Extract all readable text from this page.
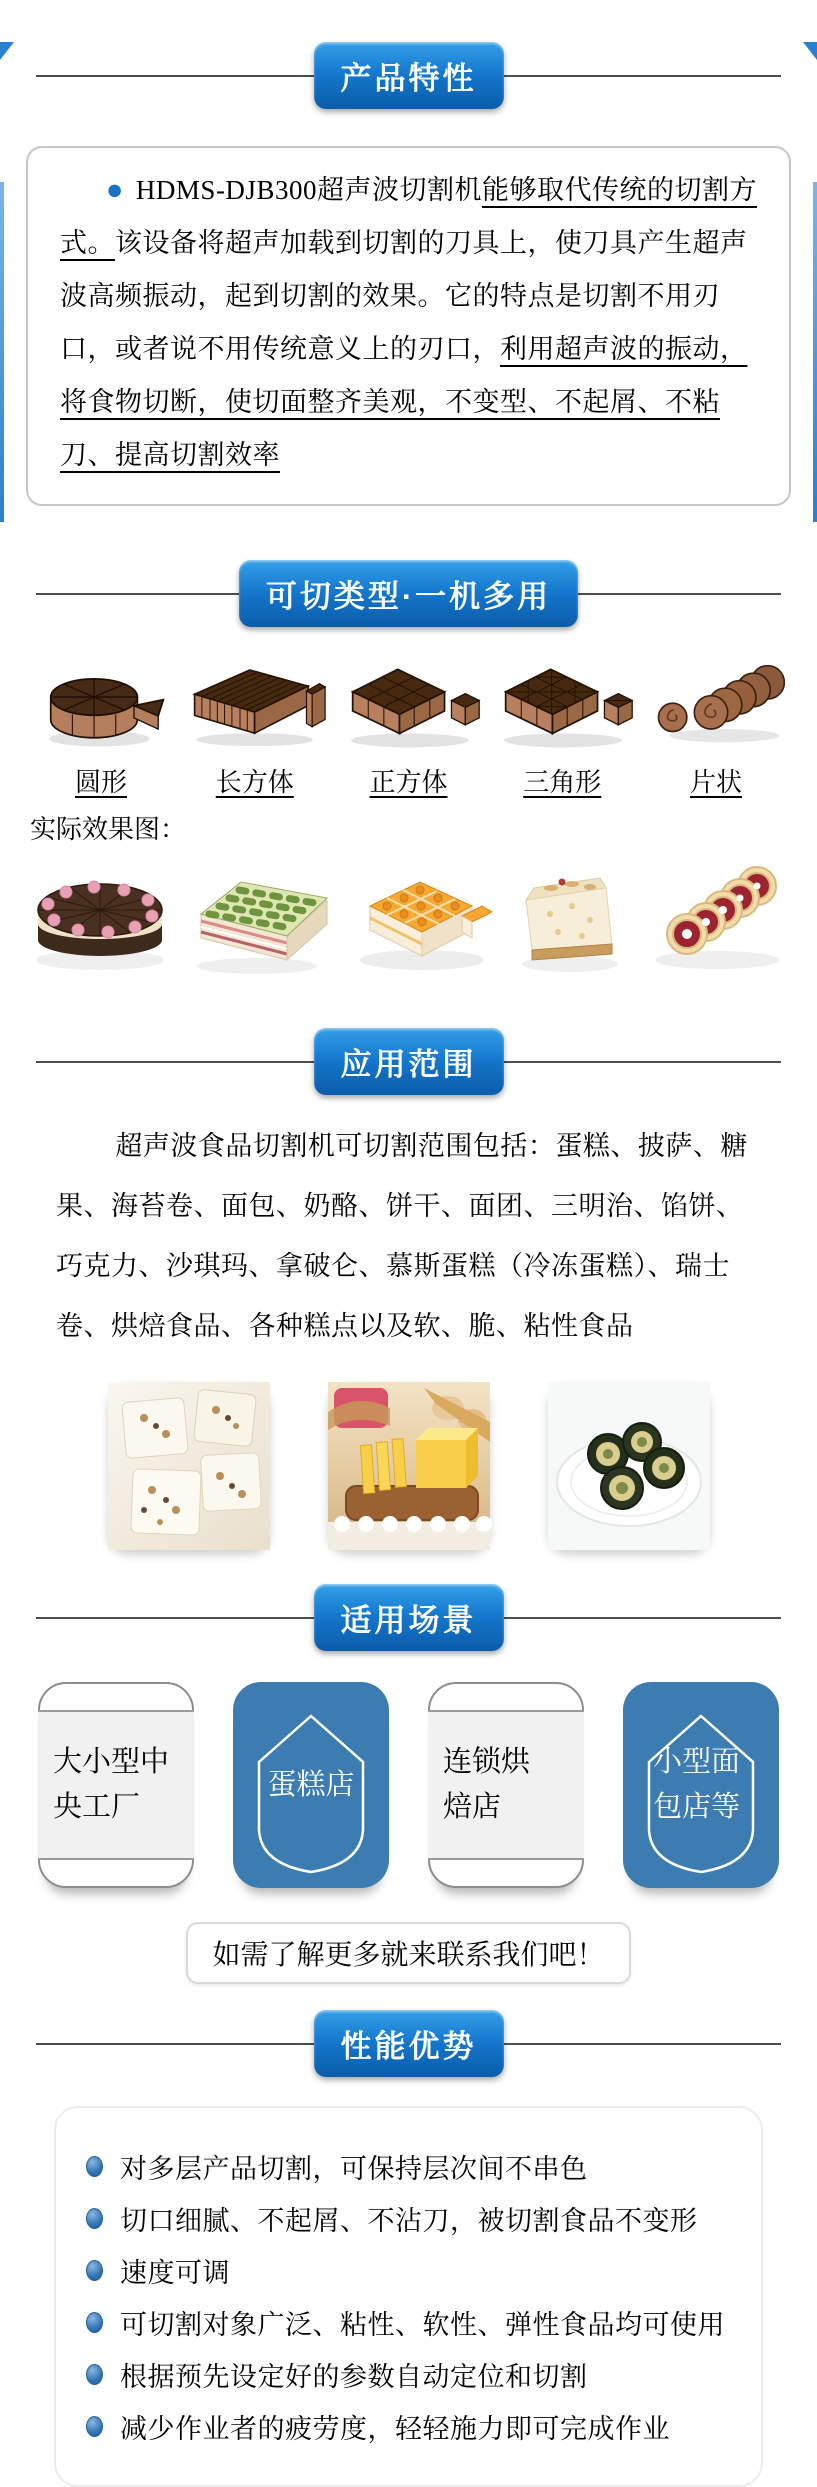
产品特性

● HDMS-DJB300超声波切割机能够取代传统的切割方式。该设备将超声加载到切割的刀具上，使刀具产生超声波高频振动，起到切割的效果。它的特点是切割不用刃口，或者说不用传统意义上的刃口，利用超声波的振动，将食物切断，使切面整齐美观，不变型、不起屑、不粘刀、提高切割效率

可切类型·一机多用
圆形	长方体	正方体	三角形	片状
实际效果图：
应用范围

超声波食品切割机可切割范围包括：蛋糕、披萨、糖果、海苔卷、面包、奶酪、饼干、面团、三明治、馅饼、巧克力、沙琪玛、拿破仑、慕斯蛋糕（冷冻蛋糕）、瑞士卷、烘焙食品、各种糕点以及软、脆、粘性食品

适用场景
大小型中央工厂
蛋糕店
连锁烘焙店
小型面包店等
如需了解更多就来联系我们吧！
性能优势
对多层产品切割，可保持层次间不串色
切口细腻、不起屑、不沾刀，被切割食品不变形
速度可调
可切割对象广泛、粘性、软性、弹性食品均可使用
根据预先设定好的参数自动定位和切割
减少作业者的疲劳度，轻轻施力即可完成作业
